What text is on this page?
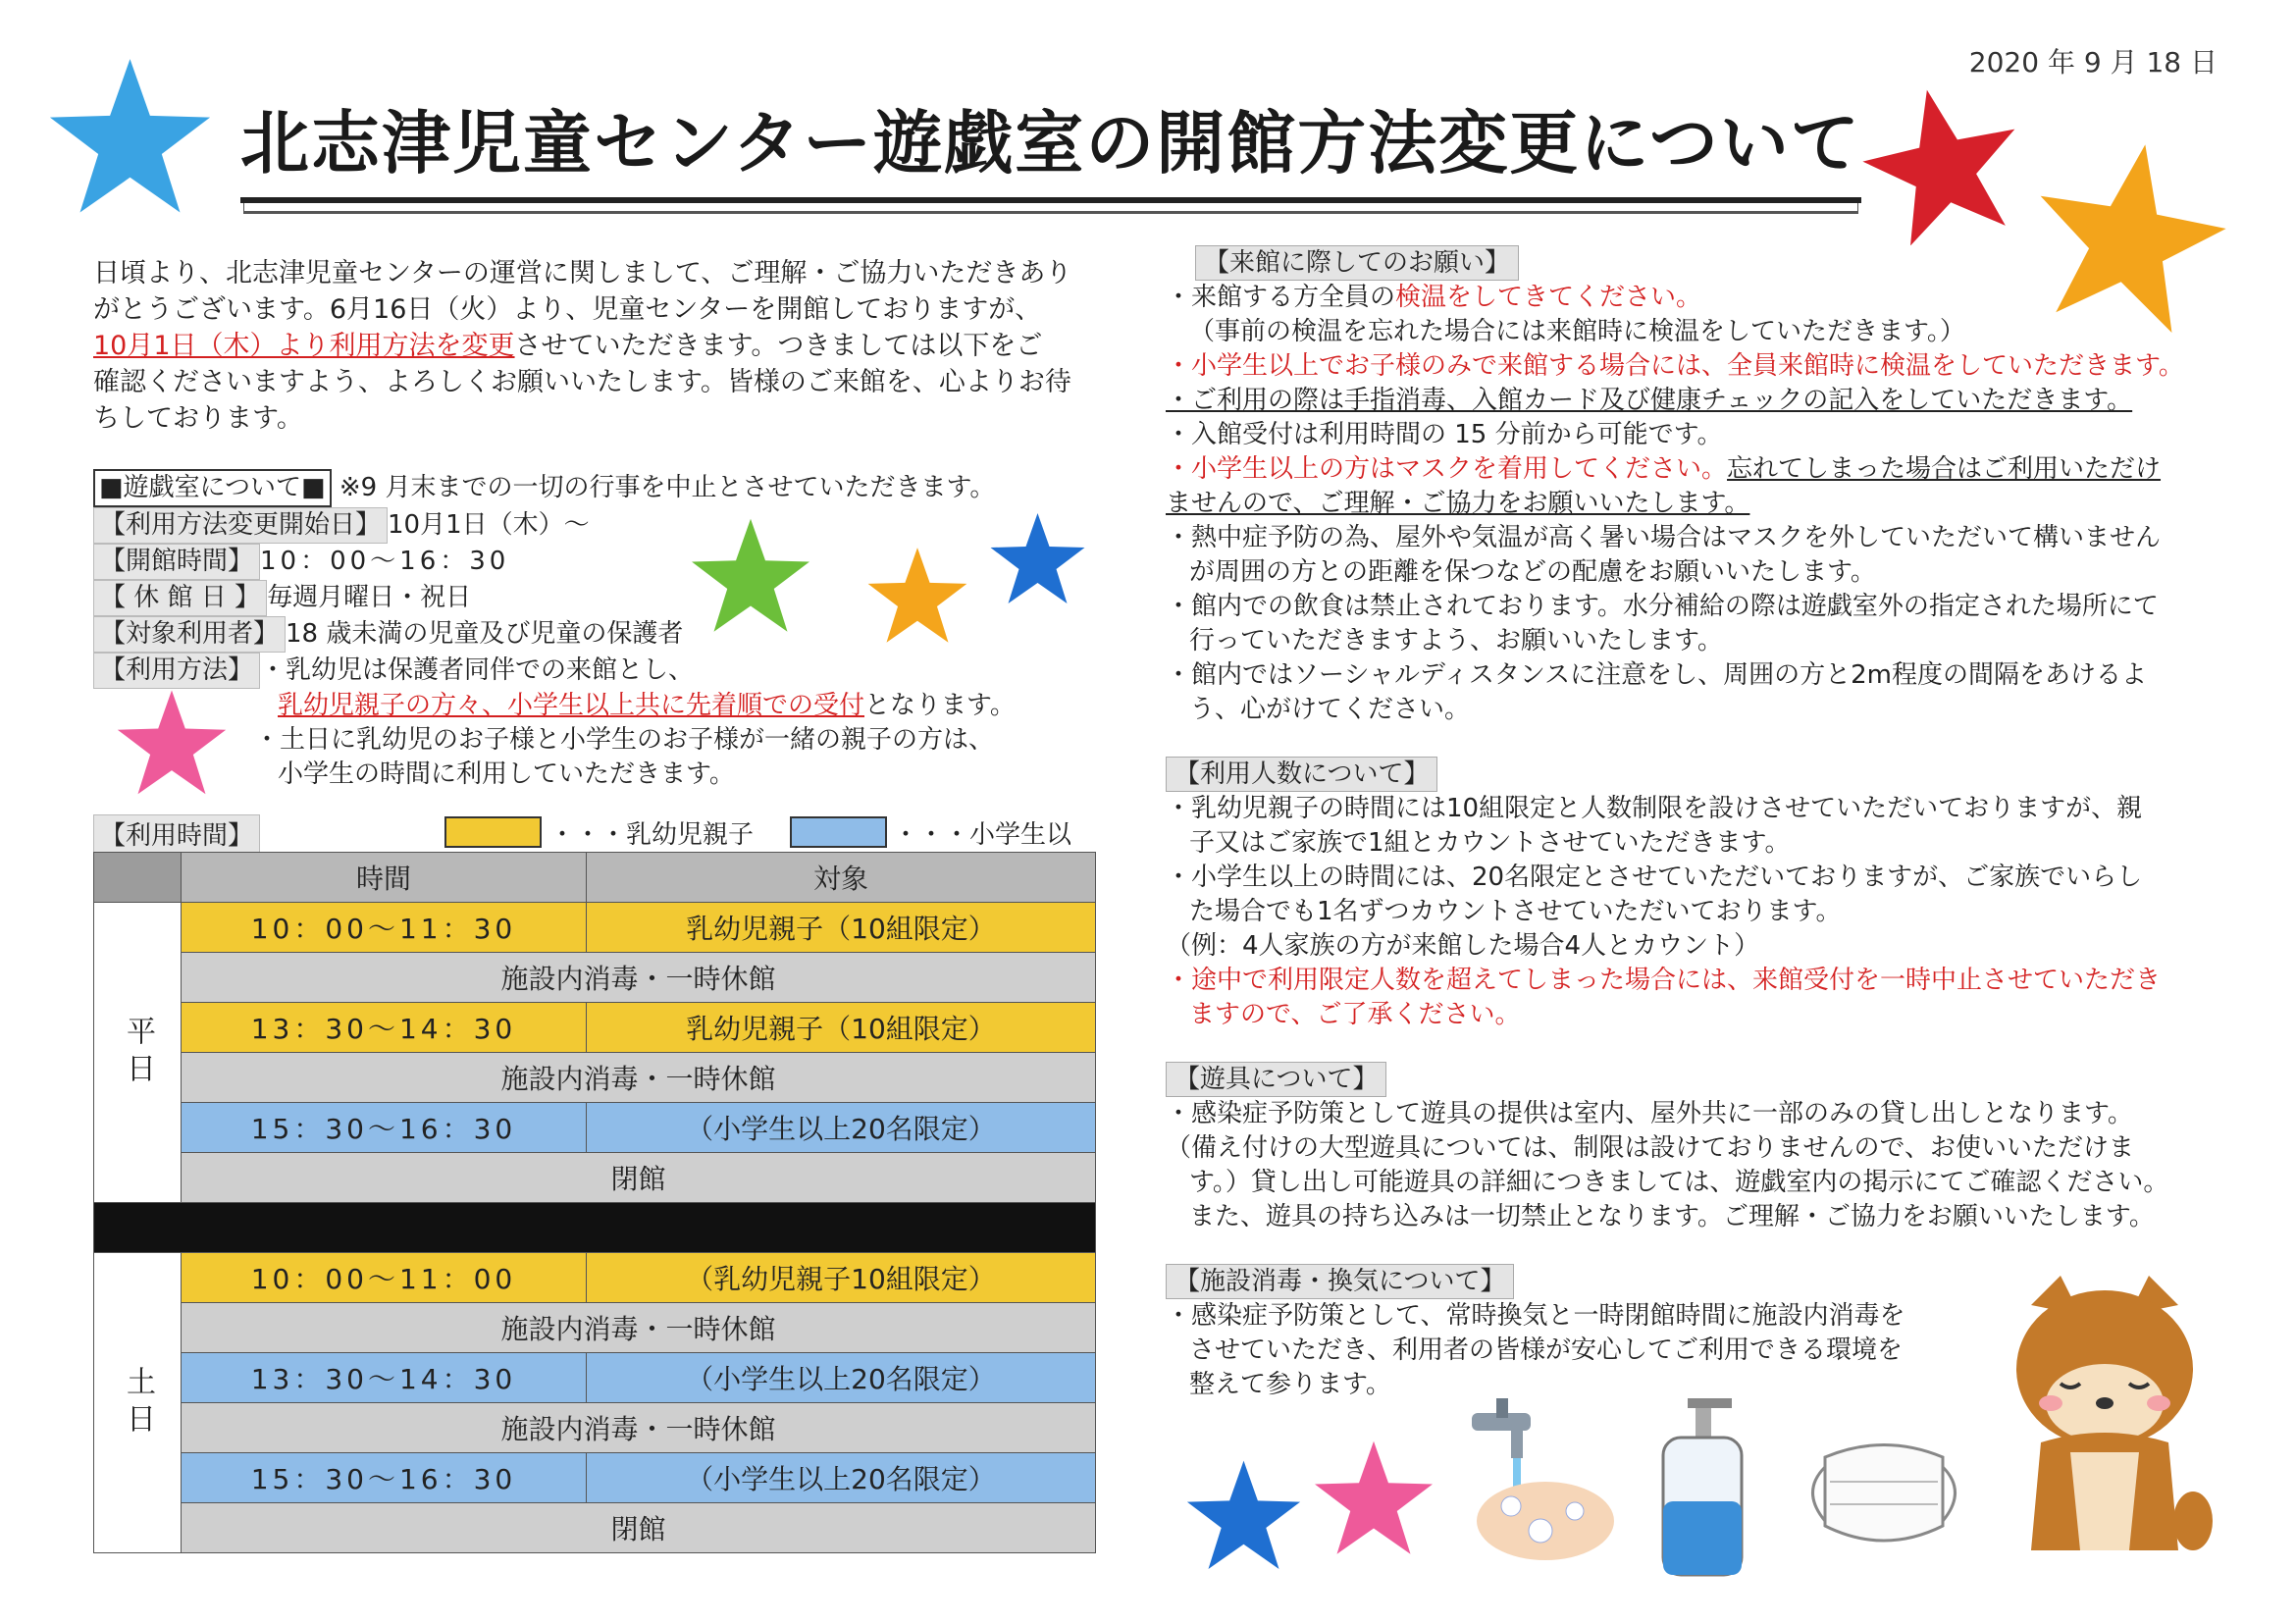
2020 年 9 月 18 日
北志津児童センター遊戯室の開館方法変更について

日頃より、北志津児童センターの運営に関しまして、ご理解・ご協力いただきあり

がとうございます。6月16日（火）より、児童センターを開館しておりますが、

10月1日（木）より利用方法を変更させていただきます。つきましては以下をご

確認くださいますよう、よろしくお願いいたします。皆様のご来館を、心よりお待

ちしております。

■遊戯室について■ ※9 月末までの一切の行事を中止とさせていただきます。
【利用方法変更開始日】 10月1日（木）～
【開館時間】 10：00～16：30
【 休 館 日 】 毎週月曜日・祝日
【対象利用者】 18 歳未満の児童及び児童の保護者
【利用方法】 ・乳幼児は保護者同伴での来館とし、
乳幼児親子の方々、小学生以上共に先着順での受付となります。
・土日に乳幼児のお子様と小学生のお子様が一緒の親子の方は、
小学生の時間に利用していただきます。
【利用時間】	・・・乳幼児親子	・・・小学生以
	時間	対象
平日	10：00～11：30	乳幼児親子（10組限定）
	施設内消毒・一時休館	
	13：30～14：30	乳幼児親子（10組限定）
	施設内消毒・一時休館	
	15：30～16：30	（小学生以上20名限定）
	閉館	

土日	10：00～11：00	（乳幼児親子10組限定）
	施設内消毒・一時休館	
	13：30～14：30	（小学生以上20名限定）
	施設内消毒・一時休館	
	15：30～16：30	（小学生以上20名限定）
	閉館	
【来館に際してのお願い】

・来館する方全員の検温をしてきてください。

（事前の検温を忘れた場合には来館時に検温をしていただきます。）

・小学生以上でお子様のみで来館する場合には、全員来館時に検温をしていただきます。

・ご利用の際は手指消毒、入館カード及び健康チェックの記入をしていただきます。

・入館受付は利用時間の 15 分前から可能です。

・小学生以上の方はマスクを着用してください。忘れてしまった場合はご利用いただけ

ませんので、ご理解・ご協力をお願いいたします。

・熱中症予防の為、屋外や気温が高く暑い場合はマスクを外していただいて構いません

が周囲の方との距離を保つなどの配慮をお願いいたします。

・館内での飲食は禁止されております。水分補給の際は遊戯室外の指定された場所にて

行っていただきますよう、お願いいたします。

・館内ではソーシャルディスタンスに注意をし、周囲の方と2m程度の間隔をあけるよ

う、心がけてください。

【利用人数について】

・乳幼児親子の時間には10組限定と人数制限を設けさせていただいておりますが、親

子又はご家族で1組とカウントさせていただきます。

・小学生以上の時間には、20名限定とさせていただいておりますが、ご家族でいらし

た場合でも1名ずつカウントさせていただいております。

（例：4人家族の方が来館した場合4人とカウント）

・途中で利用限定人数を超えてしまった場合には、来館受付を一時中止させていただき

ますので、ご了承ください。

【遊具について】

・感染症予防策として遊具の提供は室内、屋外共に一部のみの貸し出しとなります。

（備え付けの大型遊具については、制限は設けておりませんので、お使いいただけま

す。）貸し出し可能遊具の詳細につきましては、遊戯室内の掲示にてご確認ください。

また、遊具の持ち込みは一切禁止となります。ご理解・ご協力をお願いいたします。

【施設消毒・換気について】

・感染症予防策として、常時換気と一時閉館時間に施設内消毒を

させていただき、利用者の皆様が安心してご利用できる環境を

整えて参ります。
